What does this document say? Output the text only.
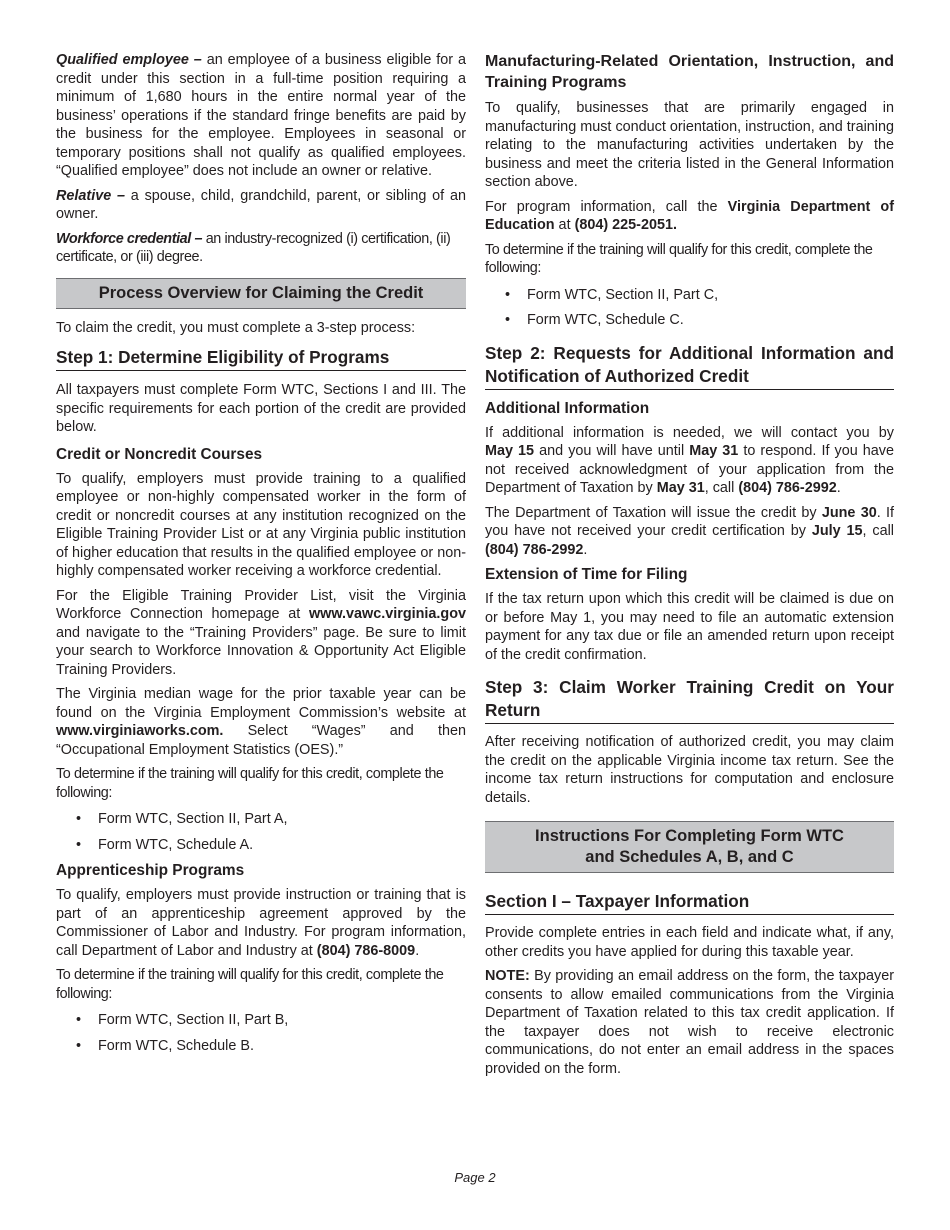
Qualified employee – an employee of a business eligible for a credit under this section in a full-time position requiring a minimum of 1,680 hours in the entire normal year of the business’ operations if the standard fringe benefits are paid by the business for the employee. Employees in seasonal or temporary positions shall not qualify as qualified employees. “Qualified employee” does not include an owner or relative.

Relative – a spouse, child, grandchild, parent, or sibling of an owner.

Workforce credential – an industry-recognized (i) certification, (ii) certificate, or (iii) degree.

Process Overview for Claiming the Credit

To claim the credit, you must complete a 3-step process:

Step 1: Determine Eligibility of Programs

All taxpayers must complete Form WTC, Sections I and III. The specific requirements for each portion of the credit are provided below.

Credit or Noncredit Courses

To qualify, employers must provide training to a qualified employee or non-highly compensated worker in the form of credit or noncredit courses at any institution recognized on the Eligible Training Provider List or at any Virginia public institution of higher education that results in the qualified employee or non-highly compensated worker receiving a workforce credential.

For the Eligible Training Provider List, visit the Virginia Workforce Connection homepage at www.vawc.virginia.gov and navigate to the “Training Providers” page. Be sure to limit your search to Workforce Innovation & Opportunity Act Eligible Training Providers.

The Virginia median wage for the prior taxable year can be found on the Virginia Employment Commission’s website at www.virginiaworks.com. Select “Wages” and then “Occupational Employment Statistics (OES).”

To determine if the training will qualify for this credit, complete the following:

• Form WTC, Section II, Part A,
• Form WTC, Schedule A.
Apprenticeship Programs

To qualify, employers must provide instruction or training that is part of an apprenticeship agreement approved by the Commissioner of Labor and Industry. For program information, call Department of Labor and Industry at (804) 786-8009.

To determine if the training will qualify for this credit, complete the following:

• Form WTC, Section II, Part B,
• Form WTC, Schedule B.
Manufacturing-Related Orientation, Instruction, and Training Programs

To qualify, businesses that are primarily engaged in manufacturing must conduct orientation, instruction, and training relating to the manufacturing activities undertaken by the business and meet the criteria listed in the General Information section above.

For program information, call the Virginia Department of Education at (804) 225-2051.

To determine if the training will qualify for this credit, complete the following:

• Form WTC, Section II, Part C,
• Form WTC, Schedule C.
Step 2: Requests for Additional Information and Notification of Authorized Credit
Additional Information

If additional information is needed, we will contact you by May 15 and you will have until May 31 to respond. If you have not received acknowledgment of your application from the Department of Taxation by May 31, call (804) 786-2992.

The Department of Taxation will issue the credit by June 30. If you have not received your credit certification by July 15, call (804) 786-2992.

Extension of Time for Filing

If the tax return upon which this credit will be claimed is due on or before May 1, you may need to file an automatic extension payment for any tax due or file an amended return upon receipt of the credit confirmation.

Step 3: Claim Worker Training Credit on Your Return

After receiving notification of authorized credit, you may claim the credit on the applicable Virginia income tax return. See the income tax return instructions for computation and enclosure details.

Instructions For Completing Form WTC
and Schedules A, B, and C
Section I – Taxpayer Information

Provide complete entries in each field and indicate what, if any, other credits you have applied for during this taxable year.

NOTE: By providing an email address on the form, the taxpayer consents to allow emailed communications from the Virginia Department of Taxation related to this tax credit application. If the taxpayer does not wish to receive electronic communications, do not enter an email address in the spaces provided on the form.

Page 2
